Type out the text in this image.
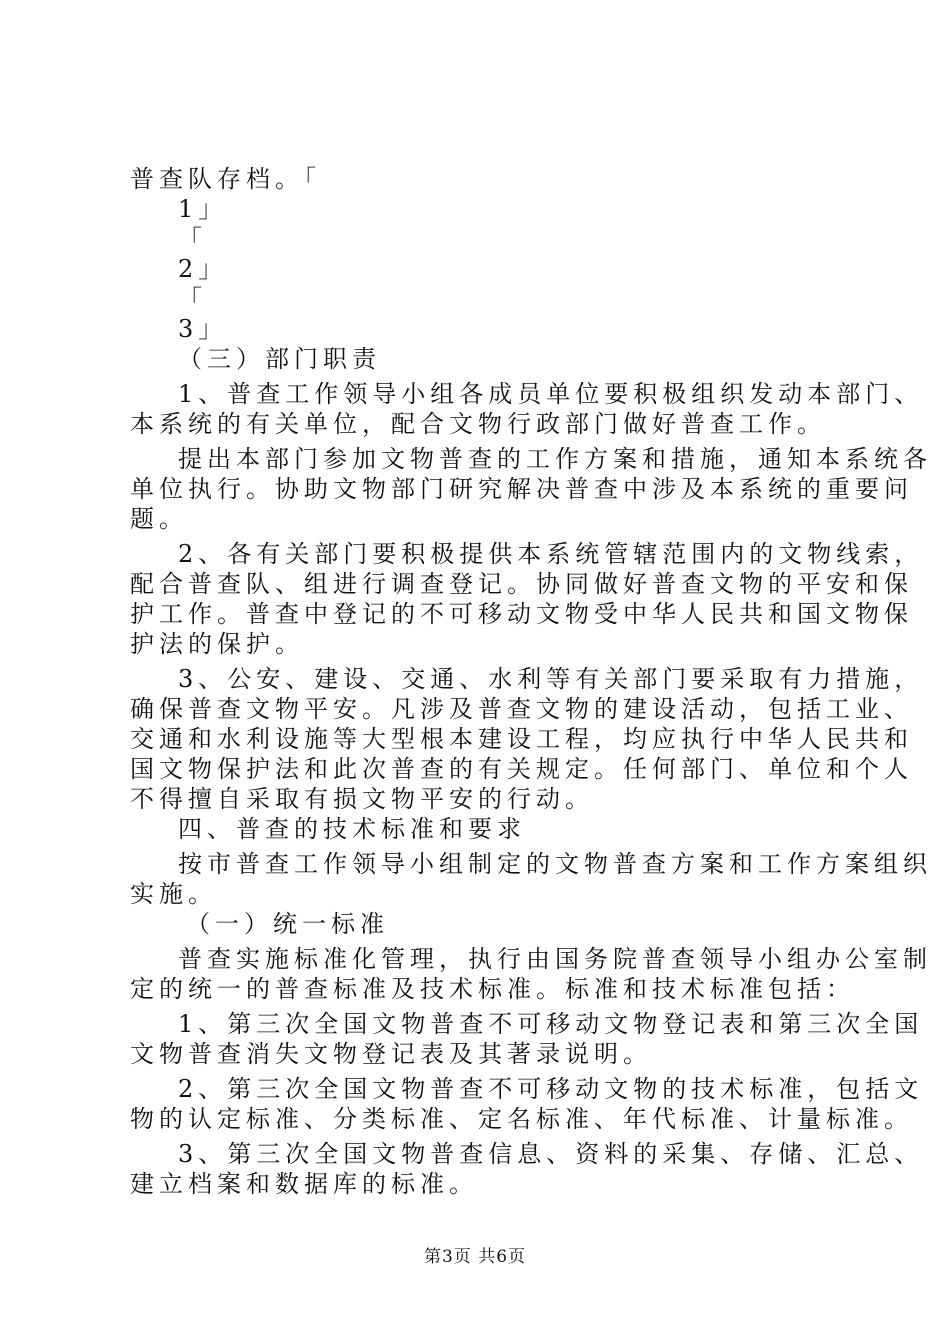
普查队存档。「

1」

「

2」

「

3」

（三）部门职责

1、普查工作领导小组各成员单位要积极组织发动本部门、

本系统的有关单位，配合文物行政部门做好普查工作。

提出本部门参加文物普查的工作方案和措施，通知本系统各

单位执行。协助文物部门研究解决普查中涉及本系统的重要问

题。

2、各有关部门要积极提供本系统管辖范围内的文物线索，

配合普查队、组进行调查登记。协同做好普查文物的平安和保

护工作。普查中登记的不可移动文物受中华人民共和国文物保

护法的保护。

3、公安、建设、交通、水利等有关部门要采取有力措施，

确保普查文物平安。凡涉及普查文物的建设活动，包括工业、

交通和水利设施等大型根本建设工程，均应执行中华人民共和

国文物保护法和此次普查的有关规定。任何部门、单位和个人

不得擅自采取有损文物平安的行动。

四、普查的技术标准和要求

按市普查工作领导小组制定的文物普查方案和工作方案组织

实施。

（一）统一标准

普查实施标准化管理，执行由国务院普查领导小组办公室制

定的统一的普查标准及技术标准。标准和技术标准包括：

1、第三次全国文物普查不可移动文物登记表和第三次全国

文物普查消失文物登记表及其著录说明。

2、第三次全国文物普查不可移动文物的技术标准，包括文

物的认定标准、分类标准、定名标准、年代标准、计量标准。

3、第三次全国文物普查信息、资料的采集、存储、汇总、

建立档案和数据库的标准。

第3页 共6页
